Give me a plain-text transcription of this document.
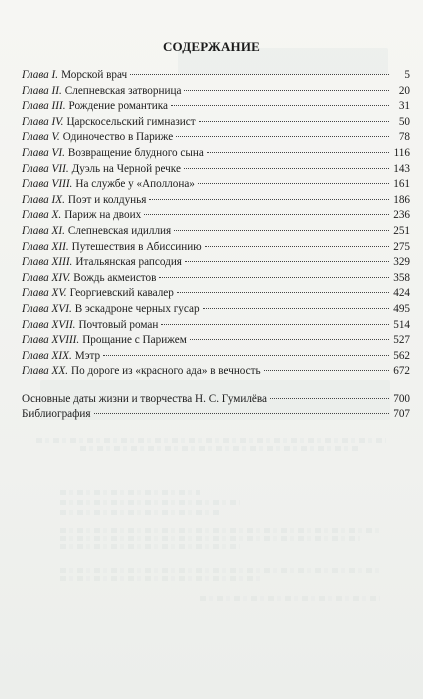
СОДЕРЖАНИЕ
Глава I. Морской врач	5
Глава II. Слепневская затворница	20
Глава III. Рождение романтика	31
Глава IV. Царскосельский гимназист	50
Глава V. Одиночество в Париже	78
Глава VI. Возвращение блудного сына	116
Глава VII. Дуэль на Черной речке	143
Глава VIII. На службе у «Аполлона»	161
Глава IX. Поэт и колдунья	186
Глава X. Париж на двоих	236
Глава XI. Слепневская идиллия	251
Глава XII. Путешествия в Абиссинию	275
Глава XIII. Итальянская рапсодия	329
Глава XIV. Вождь акмеистов	358
Глава XV. Георгиевский кавалер	424
Глава XVI. В эскадроне черных гусар	495
Глава XVII. Почтовый роман	514
Глава XVIII. Прощание с Парижем	527
Глава XIX. Мэтр	562
Глава XX. По дороге из «красного ада» в вечность	672
Основные даты жизни и творчества Н. С. Гумилёва	700
Библиография	707
